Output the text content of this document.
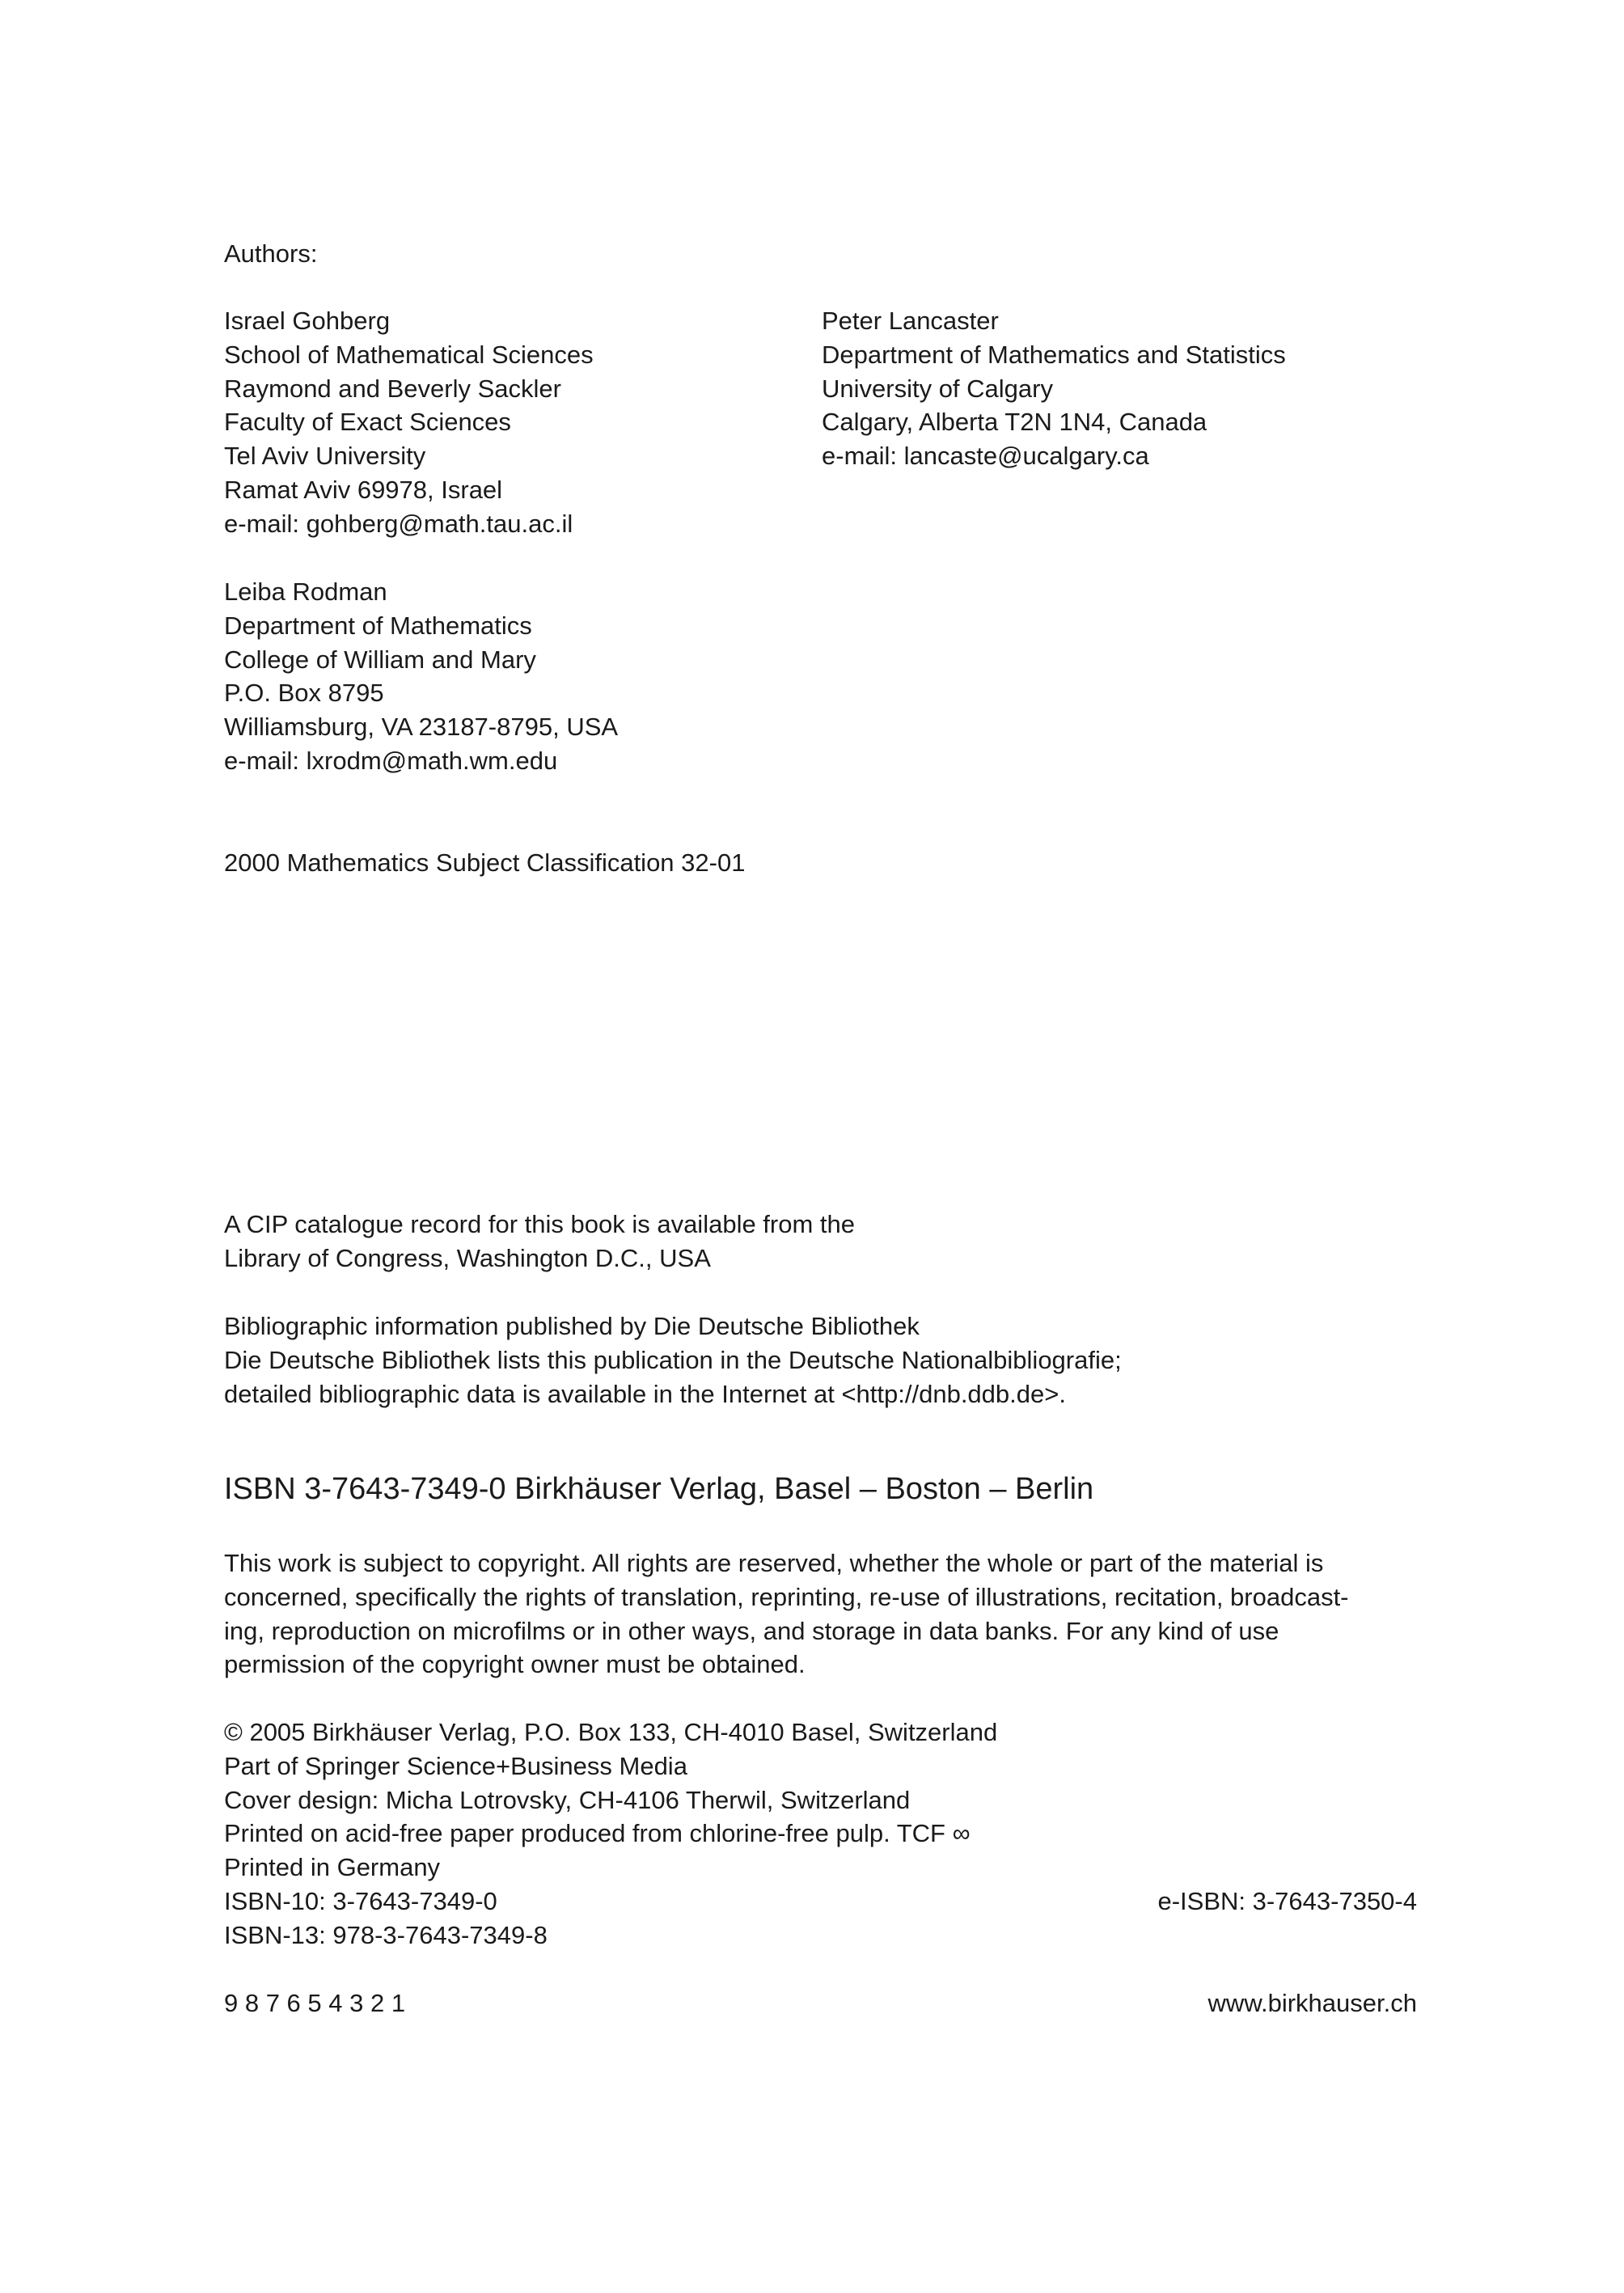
Authors:
Israel Gohberg
School of Mathematical Sciences
Raymond and Beverly Sackler
Faculty of Exact Sciences
Tel Aviv University
Ramat Aviv 69978, Israel
e-mail: gohberg@math.tau.ac.il
Peter Lancaster
Department of Mathematics and Statistics
University of Calgary
Calgary, Alberta T2N 1N4, Canada
e-mail: lancaste@ucalgary.ca
Leiba Rodman
Department of Mathematics
College of William and Mary
P.O. Box 8795
Williamsburg, VA 23187-8795, USA
e-mail: lxrodm@math.wm.edu
2000 Mathematics Subject Classification 32-01
A CIP catalogue record for this book is available from the
Library of Congress, Washington D.C., USA
Bibliographic information published by Die Deutsche Bibliothek
Die Deutsche Bibliothek lists this publication in the Deutsche Nationalbibliografie;
detailed bibliographic data is available in the Internet at <http://dnb.ddb.de>.
ISBN 3-7643-7349-0 Birkhäuser Verlag, Basel – Boston – Berlin
This work is subject to copyright. All rights are reserved, whether the whole or part of the material is
concerned, specifically the rights of translation, reprinting, re-use of illustrations, recitation, broadcast-
ing, reproduction on microfilms or in other ways, and storage in data banks. For any kind of use
permission of the copyright owner must be obtained.
© 2005 Birkhäuser Verlag, P.O. Box 133, CH-4010 Basel, Switzerland
Part of Springer Science+Business Media
Cover design: Micha Lotrovsky, CH-4106 Therwil, Switzerland
Printed on acid-free paper produced from chlorine-free pulp. TCF ∞
Printed in Germany
ISBN-10: 3-7643-7349-0
ISBN-13: 978-3-7643-7349-8
e-ISBN: 3-7643-7350-4
9 8 7 6 5 4 3 2 1	www.birkhauser.ch
